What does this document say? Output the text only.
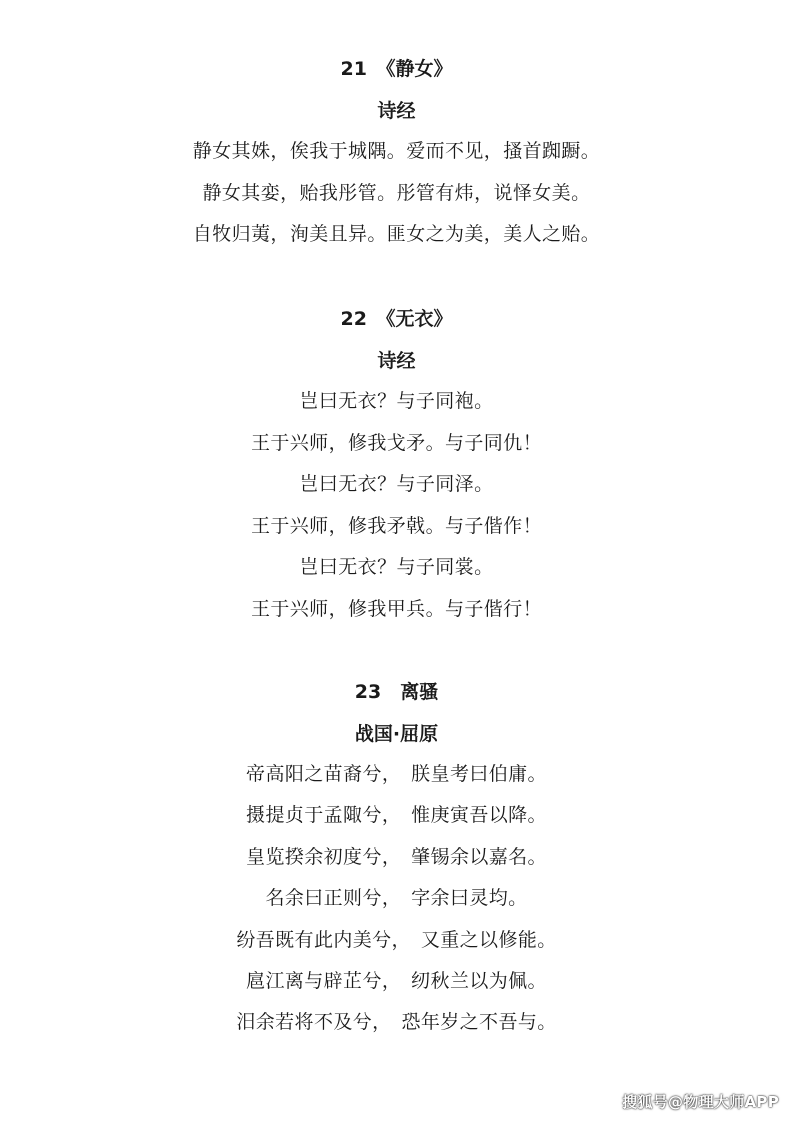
21　《静女》
诗经
静女其姝，俟我于城隅。爱而不见，搔首踟蹰。
静女其娈，贻我彤管。彤管有炜，说怿女美。
自牧归荑，洵美且异。匪女之为美，美人之贻。
22　《无衣》
诗经
岂曰无衣？与子同袍。
王于兴师，修我戈矛。与子同仇！
岂曰无衣？与子同泽。
王于兴师，修我矛戟。与子偕作！
岂曰无衣？与子同裳。
王于兴师，修我甲兵。与子偕行！
23　离骚
战国·屈原
帝高阳之苗裔兮，　朕皇考曰伯庸。
摄提贞于孟陬兮，　惟庚寅吾以降。
皇览揆余初度兮，　肇锡余以嘉名。
名余曰正则兮，　字余曰灵均。
纷吾既有此内美兮，　又重之以修能。
扈江离与辟芷兮，　纫秋兰以为佩。
汨余若将不及兮，　恐年岁之不吾与。
搜狐号@物理大师APP
